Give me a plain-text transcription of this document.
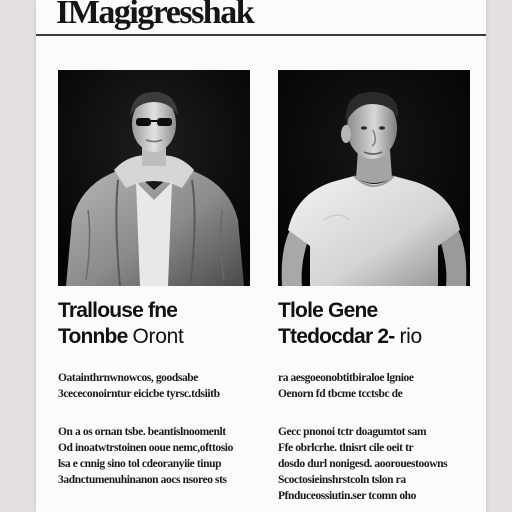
IMagigresshak
Trallouse fne
Tonnbe Oront
Oatainthrnwnowcos, goodsabe
3cececonoirntur eicicbe tyrsc.tdsiitb
On a os ornan tsbe. beantislnoomenlt
Od inoatwtrstoinen ooue nemc,ofttosio
lsa e cnnig sino tol cdeoranyiie tinup
3adnctumenuhinanon aocs nsoreo sts
Tlole Gene
Ttedocdar 2- rio
ra aesgoeonobtitbiraloe lgnioe
Oenorn fd tbcme tcctsbc de
Gecc pnonoi tctr doagumtot sam
Ffe obrlcrhe. tlnisrt cile oeit tr
dosdo durl nonigesd. aoorouestoowns
Scoctosieinshrstcoln tslon ra
Pfnduceossiutin.ser tcomn oho
